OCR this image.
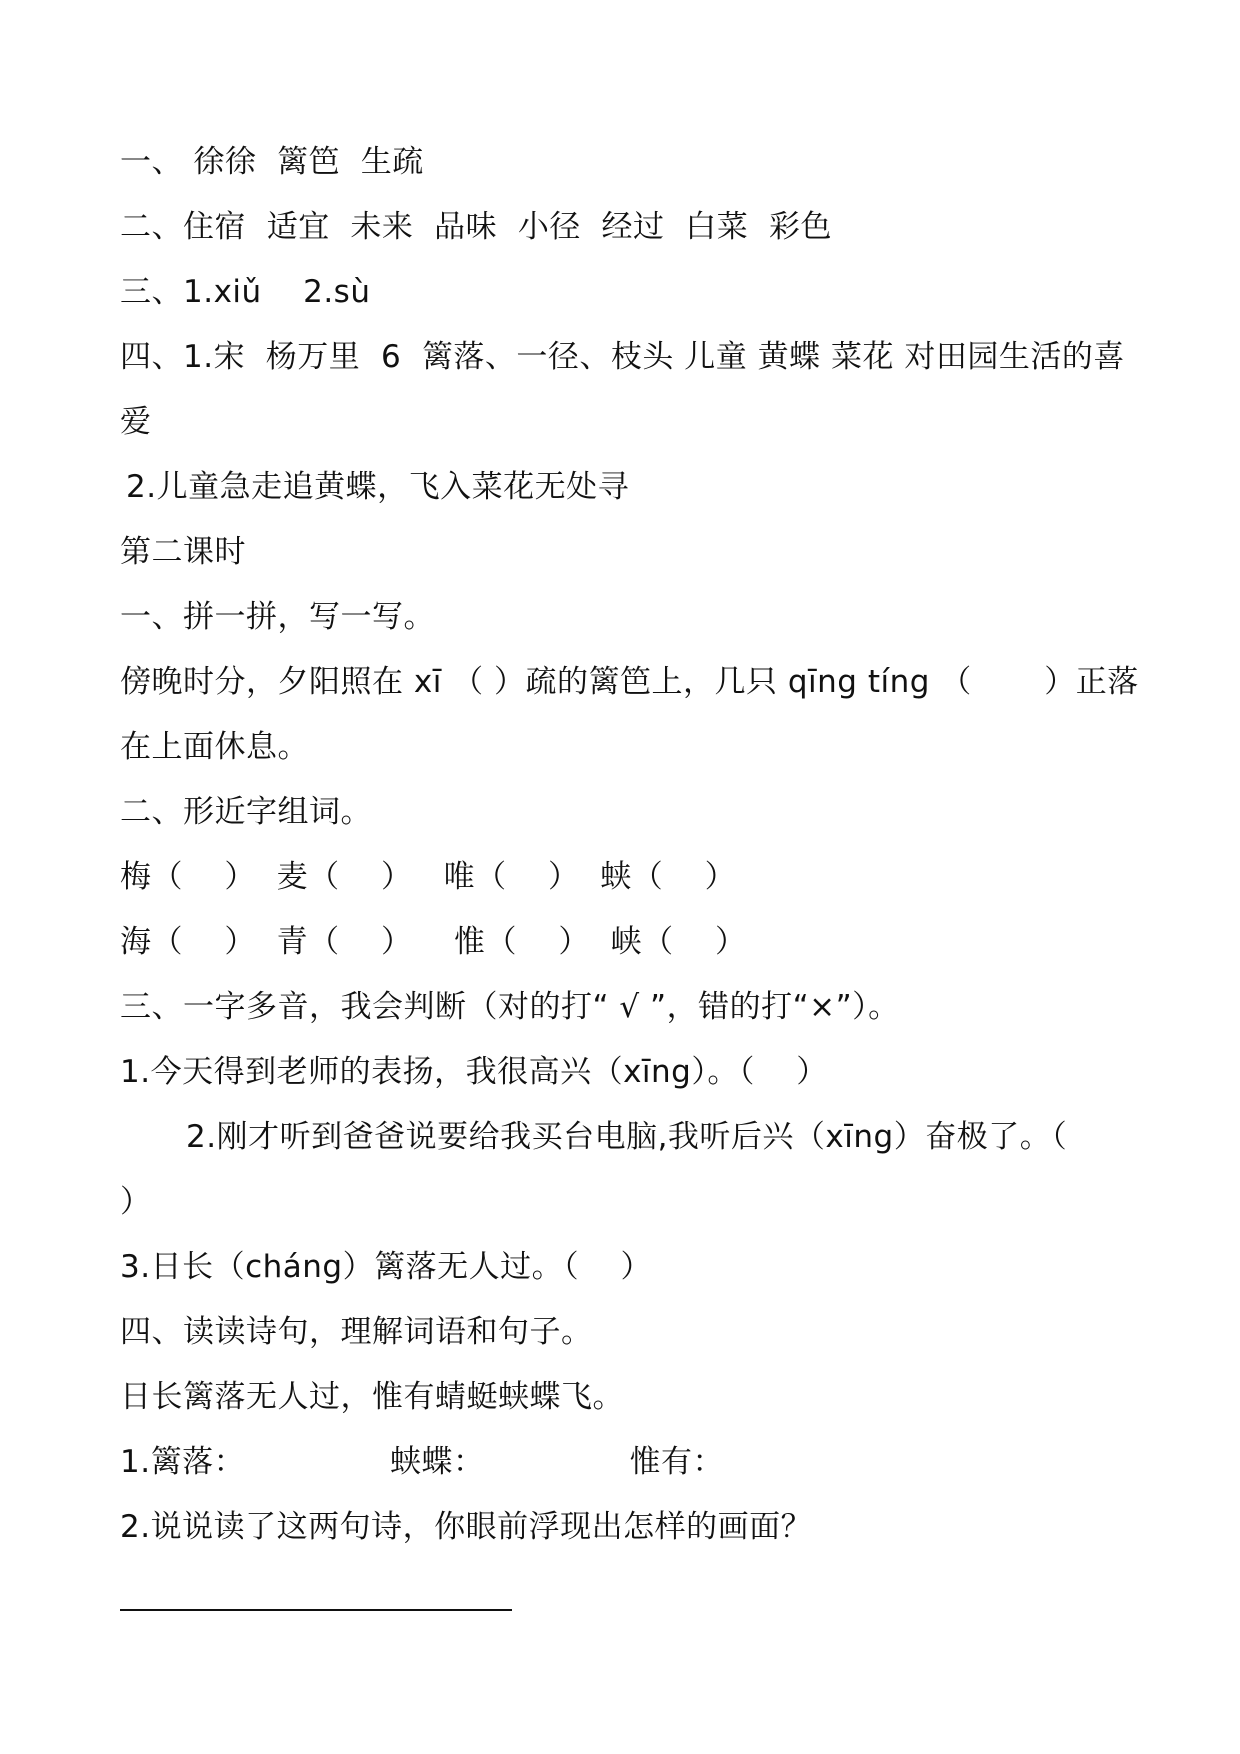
一、 徐徐  篱笆  生疏
二、住宿  适宜  未来  品味  小径  经过  白菜  彩色
三、1.xiǔ    2.sù
四、1.宋  杨万里  6  篱落、一径、枝头 儿童 黄蝶 菜花 对田园生活的喜
爱
2.儿童急走追黄蝶，飞入菜花无处寻
第二课时
一、拼一拼，写一写。
傍晚时分，夕阳照在 xī （ ）疏的篱笆上，几只 qīng tíng （       ）正落
在上面休息。
二、形近字组词。
梅（    ）  麦（    ）   唯（    ）  蛱（    ）
海（    ）  青（    ）    惟（    ）  峡（    ）
三、一字多音，我会判断（对的打“ √ ”，错的打“×”）。
1.今天得到老师的表扬，我很高兴（xīng）。（    ）
2.刚才听到爸爸说要给我买台电脑,我听后兴（xīng）奋极了。（
）
3.日长（cháng）篱落无人过。（    ）
四、读读诗句，理解词语和句子。
日长篱落无人过，惟有蜻蜓蛱蝶飞。
1.篱落：              蛱蝶：              惟有：
2.说说读了这两句诗，你眼前浮现出怎样的画面？
